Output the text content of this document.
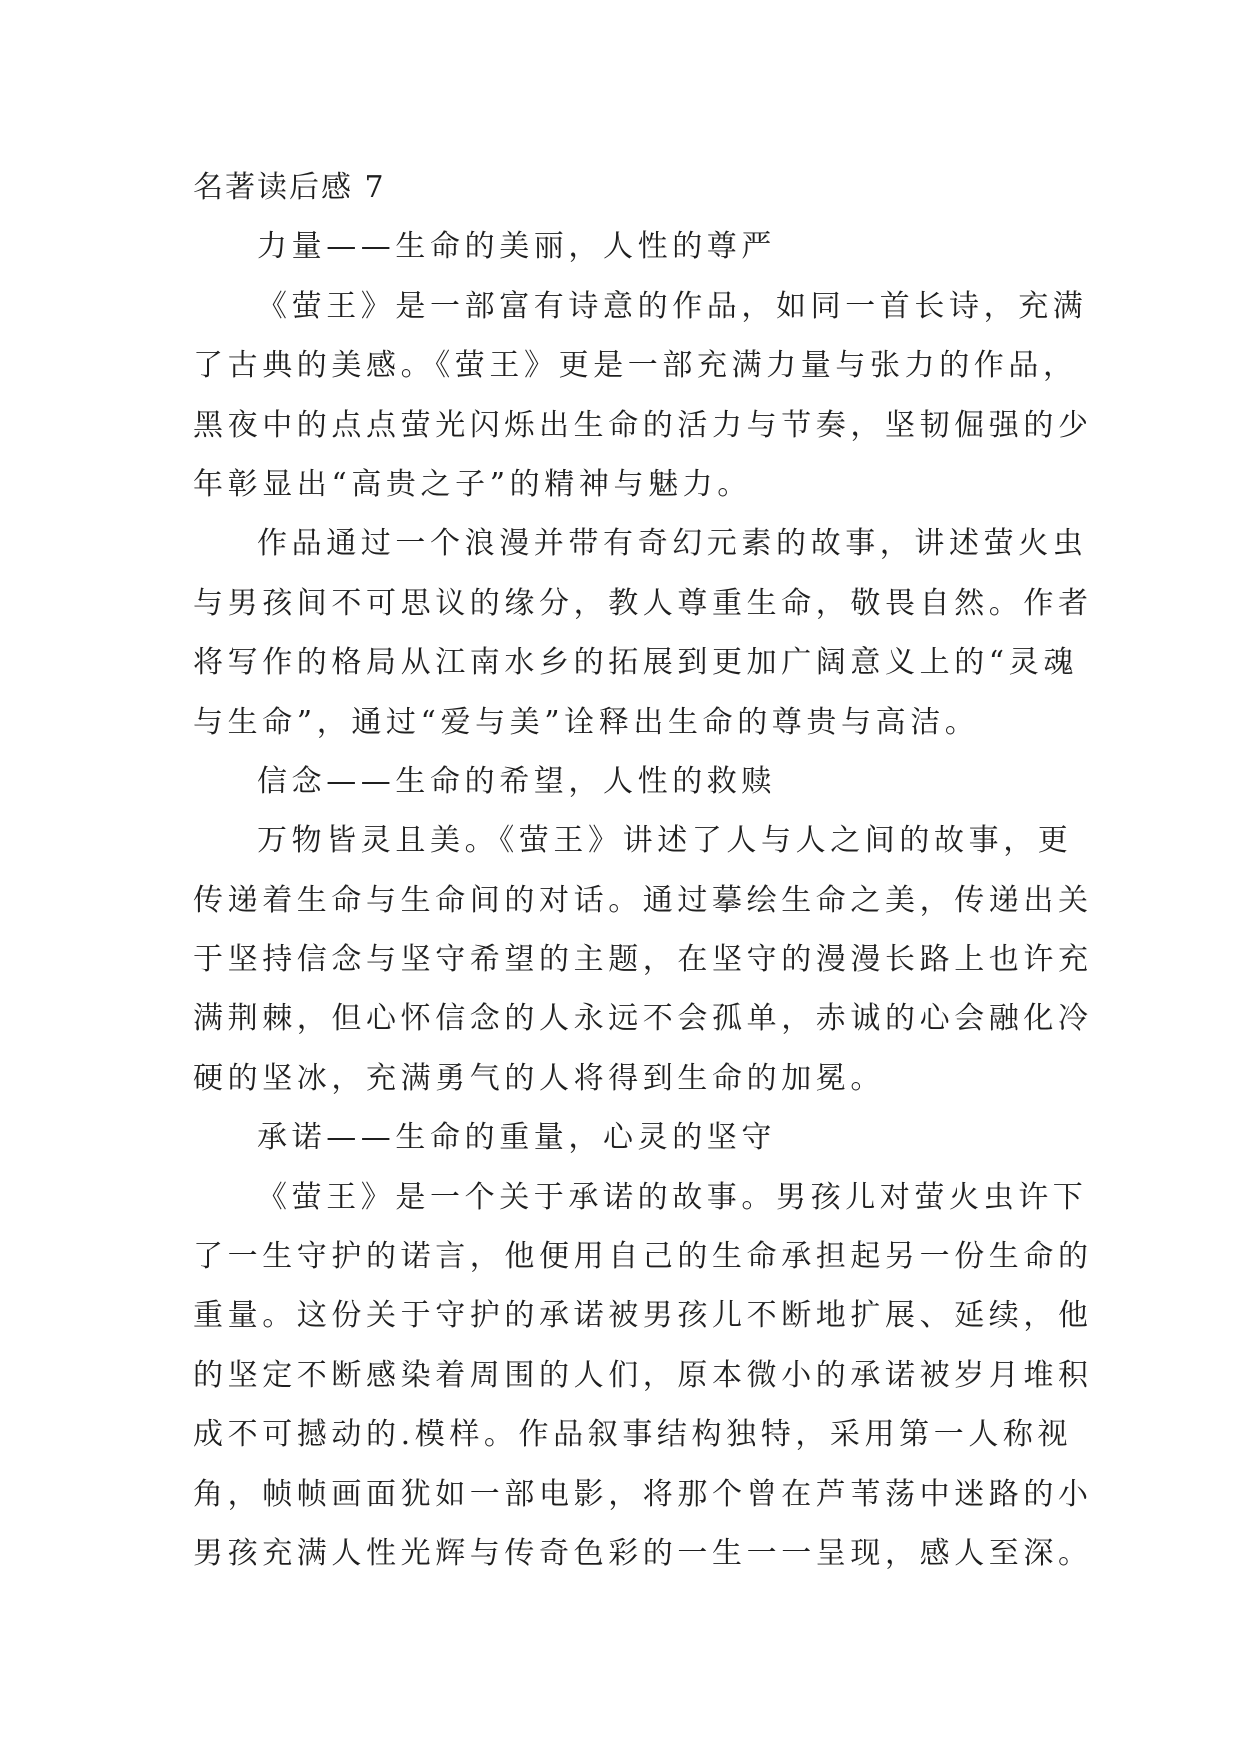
名著读后感 7
力量——生命的美丽，人性的尊严
《萤王》是一部富有诗意的作品，如同一首长诗，充满
了古典的美感。《萤王》更是一部充满力量与张力的作品，
黑夜中的点点萤光闪烁出生命的活力与节奏，坚韧倔强的少
年彰显出“高贵之子”的精神与魅力。
作品通过一个浪漫并带有奇幻元素的故事，讲述萤火虫
与男孩间不可思议的缘分，教人尊重生命，敬畏自然。作者
将写作的格局从江南水乡的拓展到更加广阔意义上的“灵魂
与生命”，通过“爱与美”诠释出生命的尊贵与高洁。
信念——生命的希望，人性的救赎
万物皆灵且美。《萤王》讲述了人与人之间的故事，更
传递着生命与生命间的对话。通过摹绘生命之美，传递出关
于坚持信念与坚守希望的主题，在坚守的漫漫长路上也许充
满荆棘，但心怀信念的人永远不会孤单，赤诚的心会融化冷
硬的坚冰，充满勇气的人将得到生命的加冕。
承诺——生命的重量，心灵的坚守
《萤王》是一个关于承诺的故事。男孩儿对萤火虫许下
了一生守护的诺言，他便用自己的生命承担起另一份生命的
重量。这份关于守护的承诺被男孩儿不断地扩展、延续，他
的坚定不断感染着周围的人们，原本微小的承诺被岁月堆积
成不可撼动的.模样。作品叙事结构独特，采用第一人称视
角，帧帧画面犹如一部电影，将那个曾在芦苇荡中迷路的小
男孩充满人性光辉与传奇色彩的一生一一呈现，感人至深。
